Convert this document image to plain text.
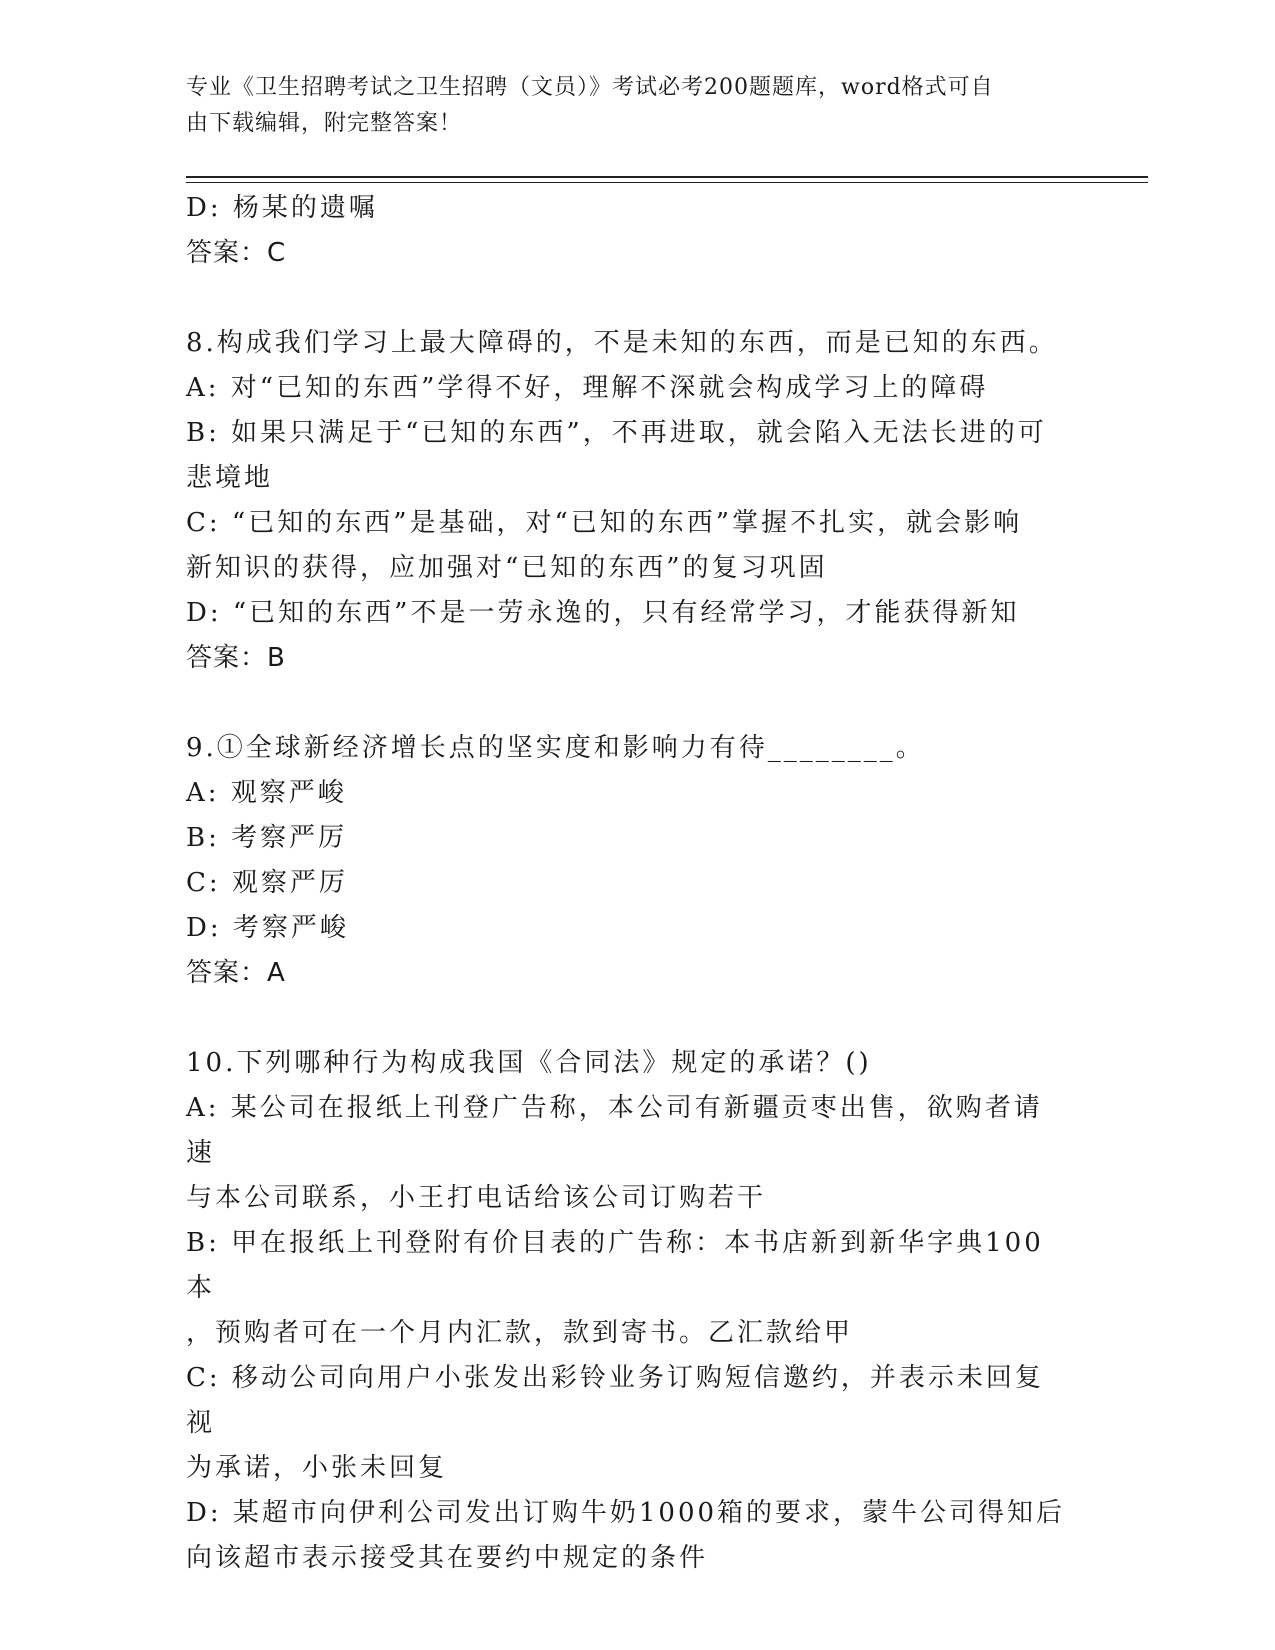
专业《卫生招聘考试之卫生招聘（文员）》考试必考200题题库，word格式可自
由下载编辑，附完整答案！
D: 杨某的遗嘱
答案：C
8.构成我们学习上最大障碍的，不是未知的东西，而是已知的东西。
A: 对“已知的东西”学得不好，理解不深就会构成学习上的障碍
B: 如果只满足于“已知的东西”，不再进取，就会陷入无法长进的可
悲境地
C: “已知的东西”是基础，对“已知的东西”掌握不扎实，就会影响
新知识的获得，应加强对“已知的东西”的复习巩固
D: “已知的东西”不是一劳永逸的，只有经常学习，才能获得新知
答案：B
9.①全球新经济增长点的坚实度和影响力有待________。
A: 观察严峻
B: 考察严厉
C: 观察严厉
D: 考察严峻
答案：A
10.下列哪种行为构成我国《合同法》规定的承诺？()
A: 某公司在报纸上刊登广告称，本公司有新疆贡枣出售，欲购者请速
与本公司联系，小王打电话给该公司订购若干
B: 甲在报纸上刊登附有价目表的广告称：本书店新到新华字典100本
，预购者可在一个月内汇款，款到寄书。乙汇款给甲
C: 移动公司向用户小张发出彩铃业务订购短信邀约，并表示未回复视
为承诺，小张未回复
D: 某超市向伊利公司发出订购牛奶1000箱的要求，蒙牛公司得知后
向该超市表示接受其在要约中规定的条件
